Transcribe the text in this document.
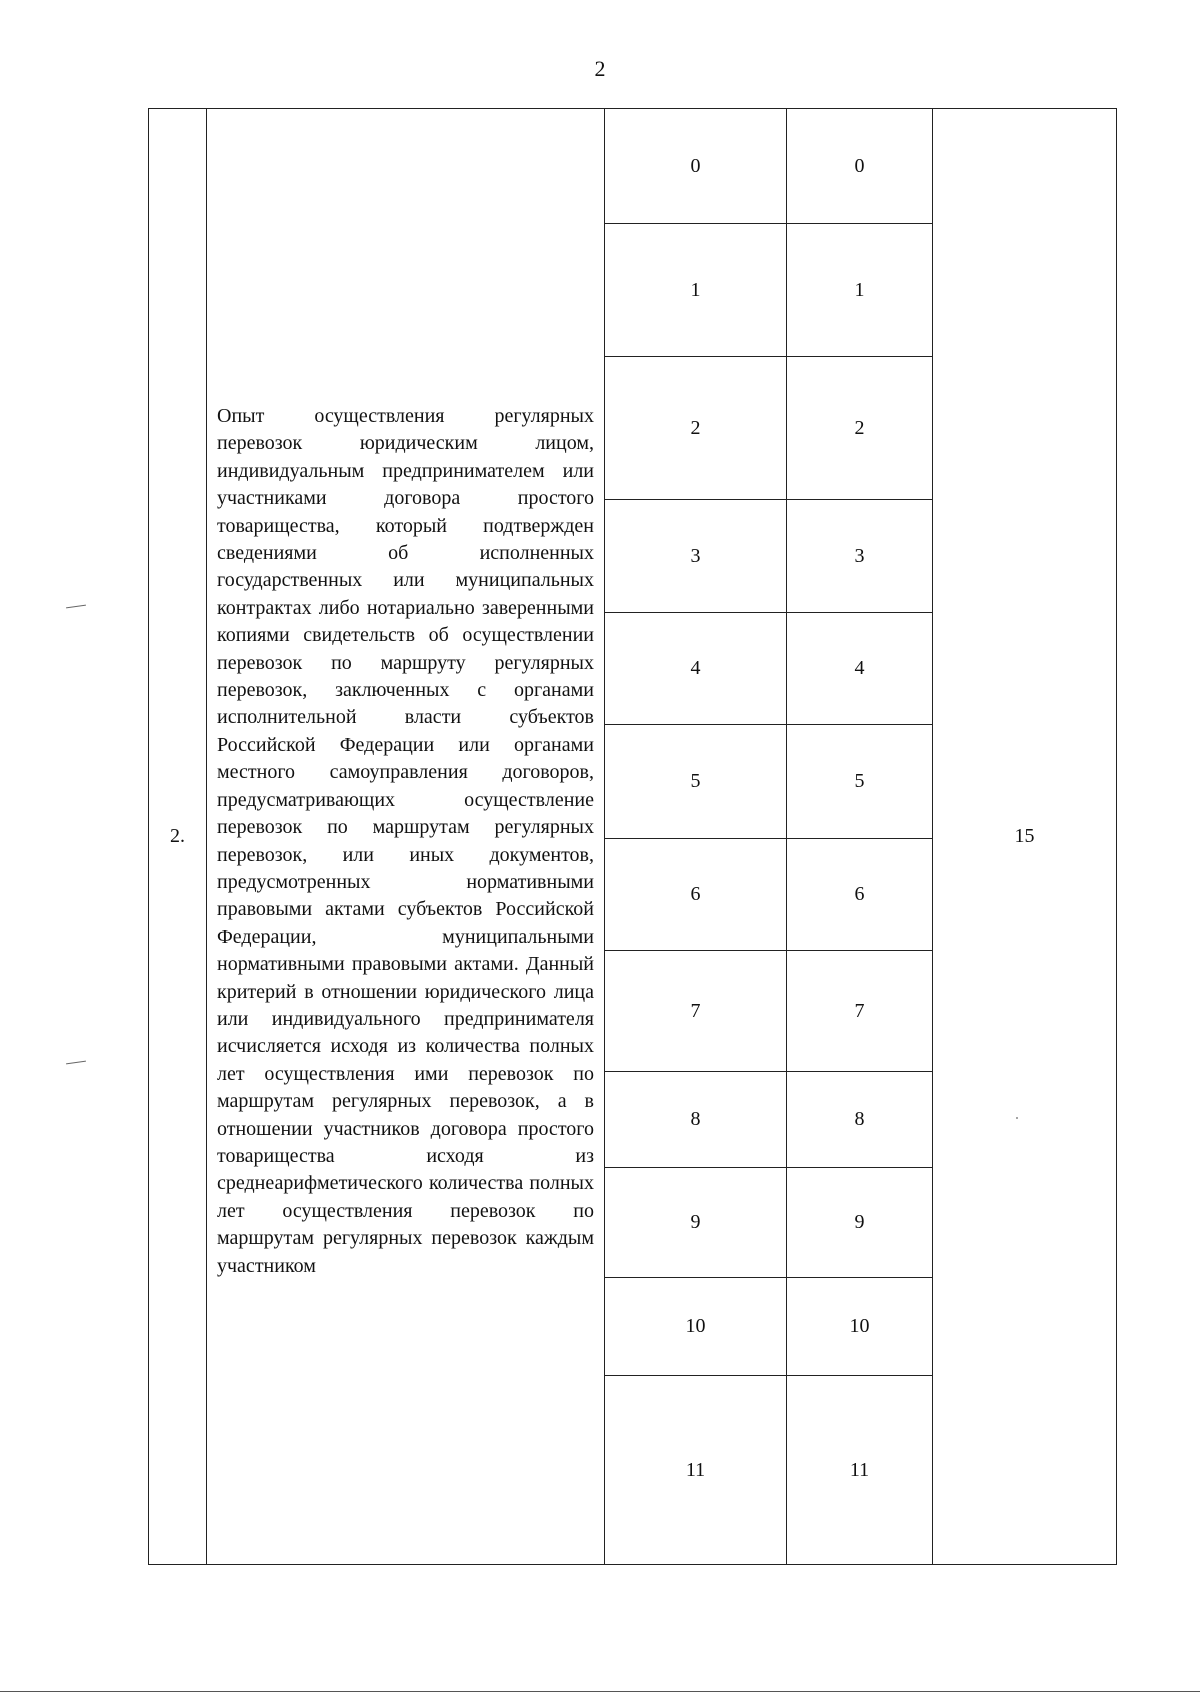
2
2.	Опыт осуществления регулярных перевозок юридическим лицом, индивидуальным предпринимателем или участниками договора простого товарищества, который подтвержден сведениями об исполненных государственных или муниципальных контрактах либо нотариально заверенными копиями свидетельств об осуществлении перевозок по маршруту регулярных перевозок, заключенных с органами исполнительной власти субъектов Российской Федерации или органами местного самоуправления договоров, предусматривающих осуществление перевозок по маршрутам регулярных перевозок, или иных документов, предусмотренных нормативными правовыми актами субъектов Российской Федерации, муниципальными нормативными правовыми актами. Данный критерий в отношении юридического лица или индивидуального предпринимателя исчисляется исходя из количества полных лет осуществления ими перевозок по маршрутам регулярных перевозок, а в отношении участников договора простого товарищества исходя из среднеарифметического количества полных лет осуществления перевозок по маршрутам регулярных перевозок каждым участником	0	0	15
		1	1	
		2	2	
		3	3	
		4	4	
		5	5	
		6	6	
		7	7	
		8	8	
		9	9	
		10	10	
		11	11	
